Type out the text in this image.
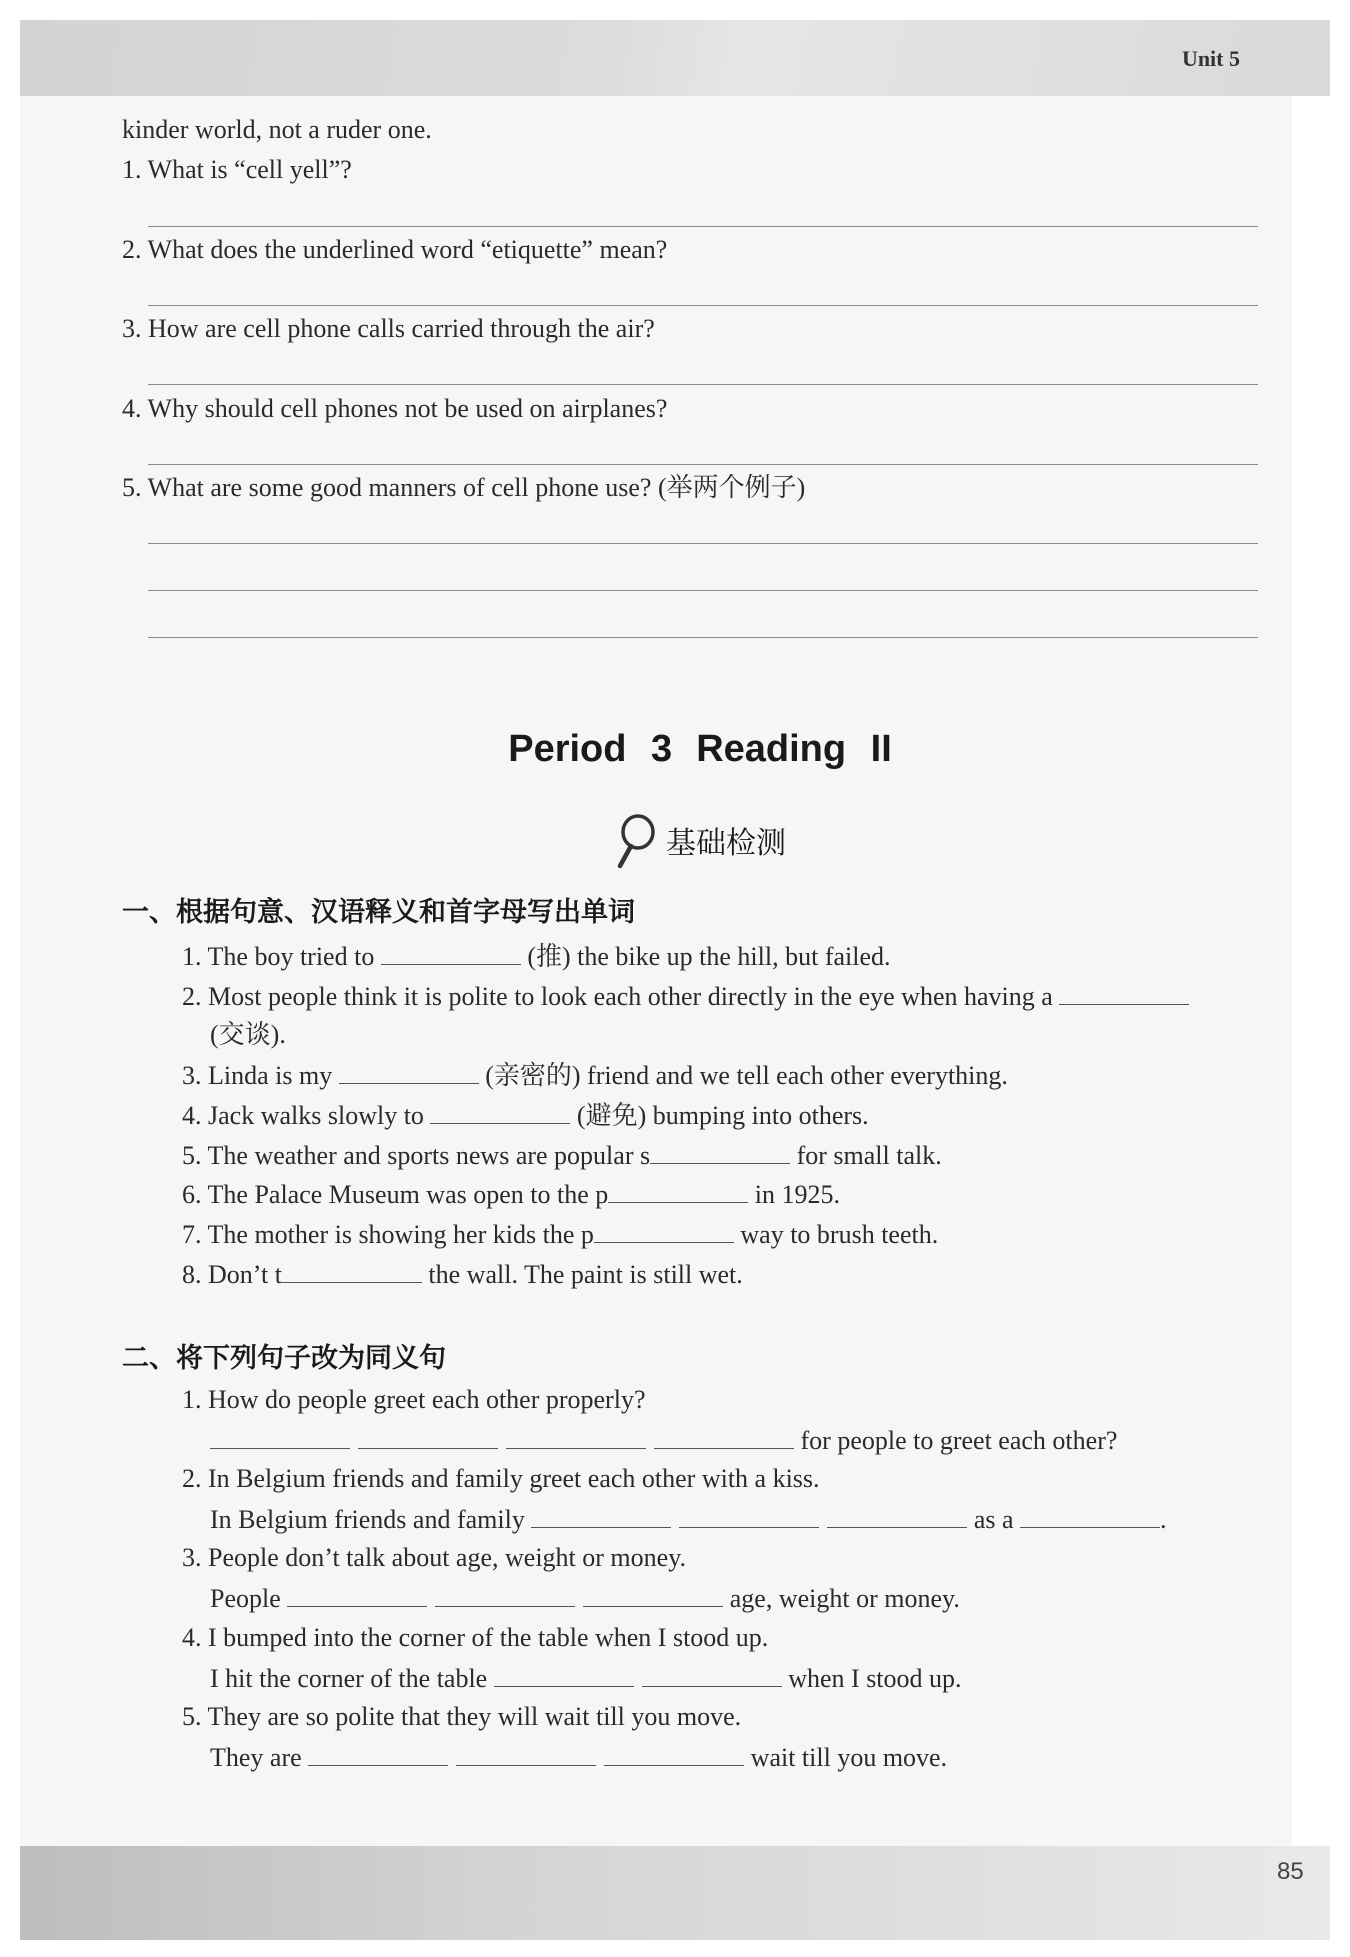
Unit 5
kinder world, not a ruder one.
1. What is “cell yell”?
2. What does the underlined word “etiquette” mean?
3. How are cell phone calls carried through the air?
4. Why should cell phones not be used on airplanes?
5. What are some good manners of cell phone use? (举两个例子)
Period 3 Reading II
基础检测
一、根据句意、汉语释义和首字母写出单词
1. The boy tried to	(推) the bike up the hill, but failed.
2. Most people think it is polite to look each other directly in the eye when having a
(交谈).
3. Linda is my	(亲密的) friend and we tell each other everything.
4. Jack walks slowly to	(避免) bumping into others.
5. The weather and sports news are popular s	for small talk.
6. The Palace Museum was open to the p	in 1925.
7. The mother is showing her kids the p	way to brush teeth.
8. Don’t t	the wall. The paint is still wet.
二、将下列句子改为同义句
1. How do people greet each other properly?
for people to greet each other?
2. In Belgium friends and family greet each other with a kiss.
In Belgium friends and family	as a	.
3. People don’t talk about age, weight or money.
People	age, weight or money.
4. I bumped into the corner of the table when I stood up.
I hit the corner of the table	when I stood up.
5. They are so polite that they will wait till you move.
They are	wait till you move.
85
